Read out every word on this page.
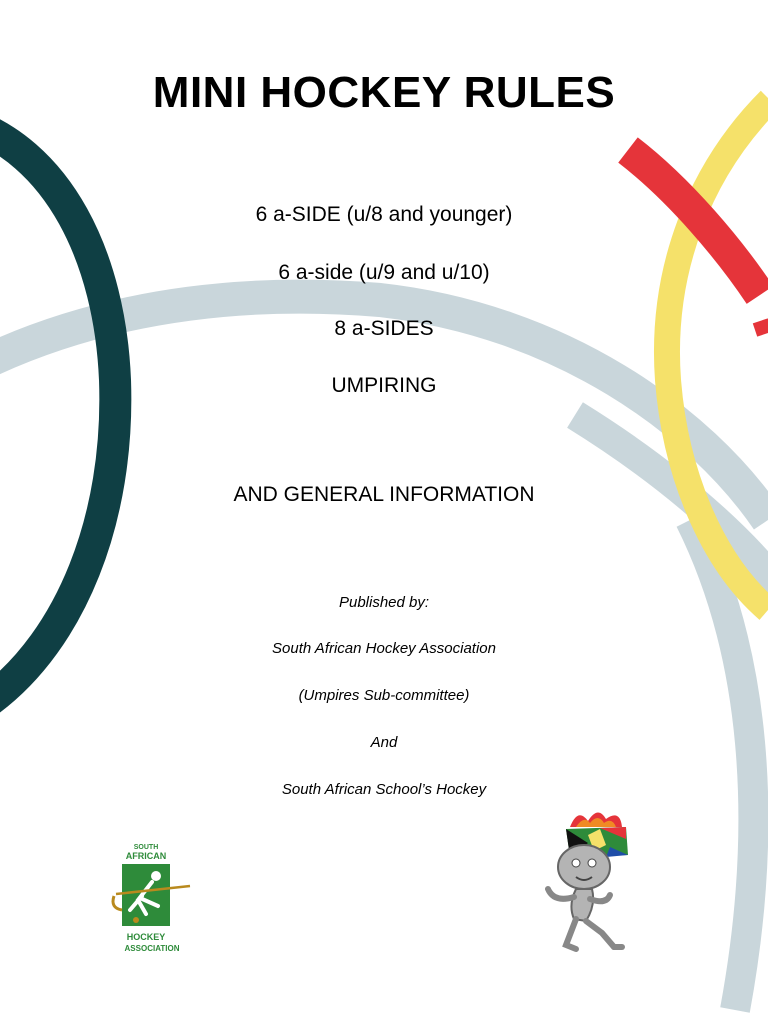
MINI HOCKEY RULES

6 a-SIDE (u/8 and younger)

6 a-side (u/9 and u/10)

8 a-SIDES

UMPIRING

AND GENERAL INFORMATION

Published by:

South African Hockey Association

(Umpires Sub-committee)

And

South African School’s Hockey

SOUTH
AFRICAN
HOCKEY
ASSOCIATION
